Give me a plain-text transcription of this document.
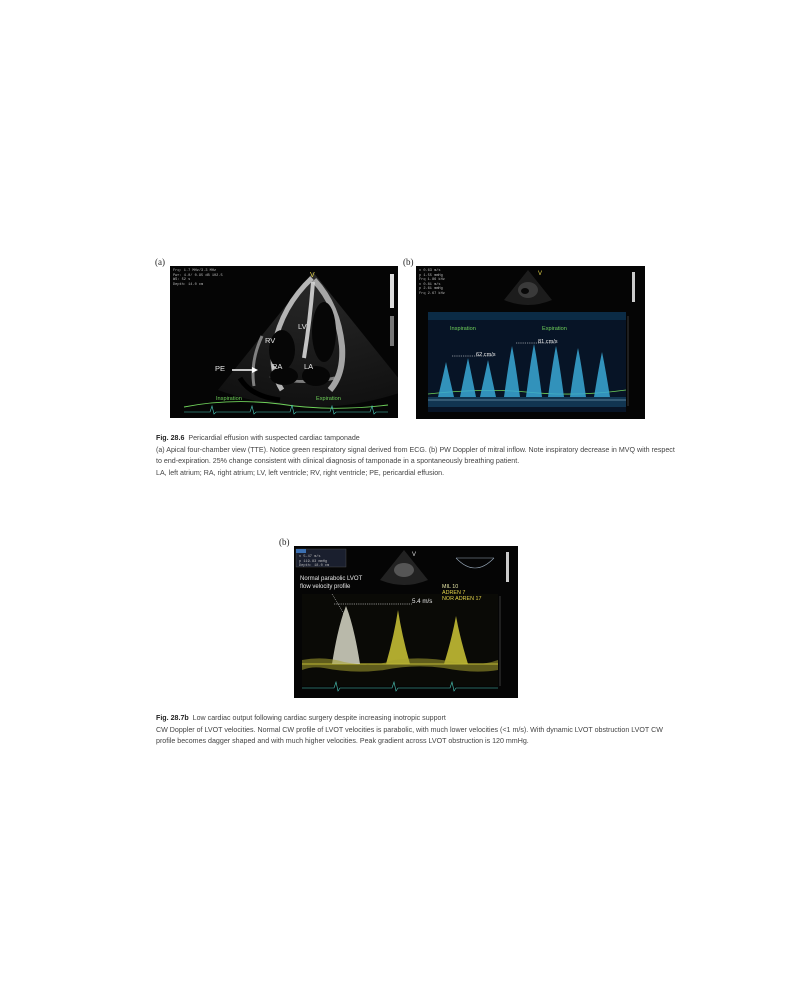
(a)	(b)
V
Frq: 1.7 MHz/3.3 MHz
Pwr: 4.0/ 0.95 dB 102.5
WS: 52 s
Depth: 14.0 cm
LV
RV
RA	LA
PE
Inspiration	Expiration
V
v 0.63 m/s
p 1.55 mmHg
Frq 1.86 kHz
v 0.81 m/s
p 2.61 mmHg
Frq 2.67 kHz
Inspiration	Expiration
62 cm/s
81 cm/s

Fig. 28.6 Pericardial effusion with suspected cardiac tamponade

(a) Apical four-chamber view (TTE). Notice green respiratory signal derived from ECG. (b) PW Doppler of mitral inflow. Note inspiratory decrease in MVQ with respect

to end-expiration. 25% change consistent with clinical diagnosis of tamponade in a spontaneously breathing patient.

LA, left atrium; RA, right atrium; LV, left ventricle; RV, right ventricle; PE, pericardial effusion.

(b)
V
v 5.47 m/s
p 119.83 mmHg
Depth: 18.0 cm
Normal parabolic LVOT
flow velocity profile
5.4 m/s
MIL 10
ADREN 7
NOR ADREN 17

Fig. 28.7b Low cardiac output following cardiac surgery despite increasing inotropic support

CW Doppler of LVOT velocities. Normal CW profile of LVOT velocities is parabolic, with much lower velocities (<1 m/s). With dynamic LVOT obstruction LVOT CW

profile becomes dagger shaped and with much higher velocities. Peak gradient across LVOT obstruction is 120 mmHg.
